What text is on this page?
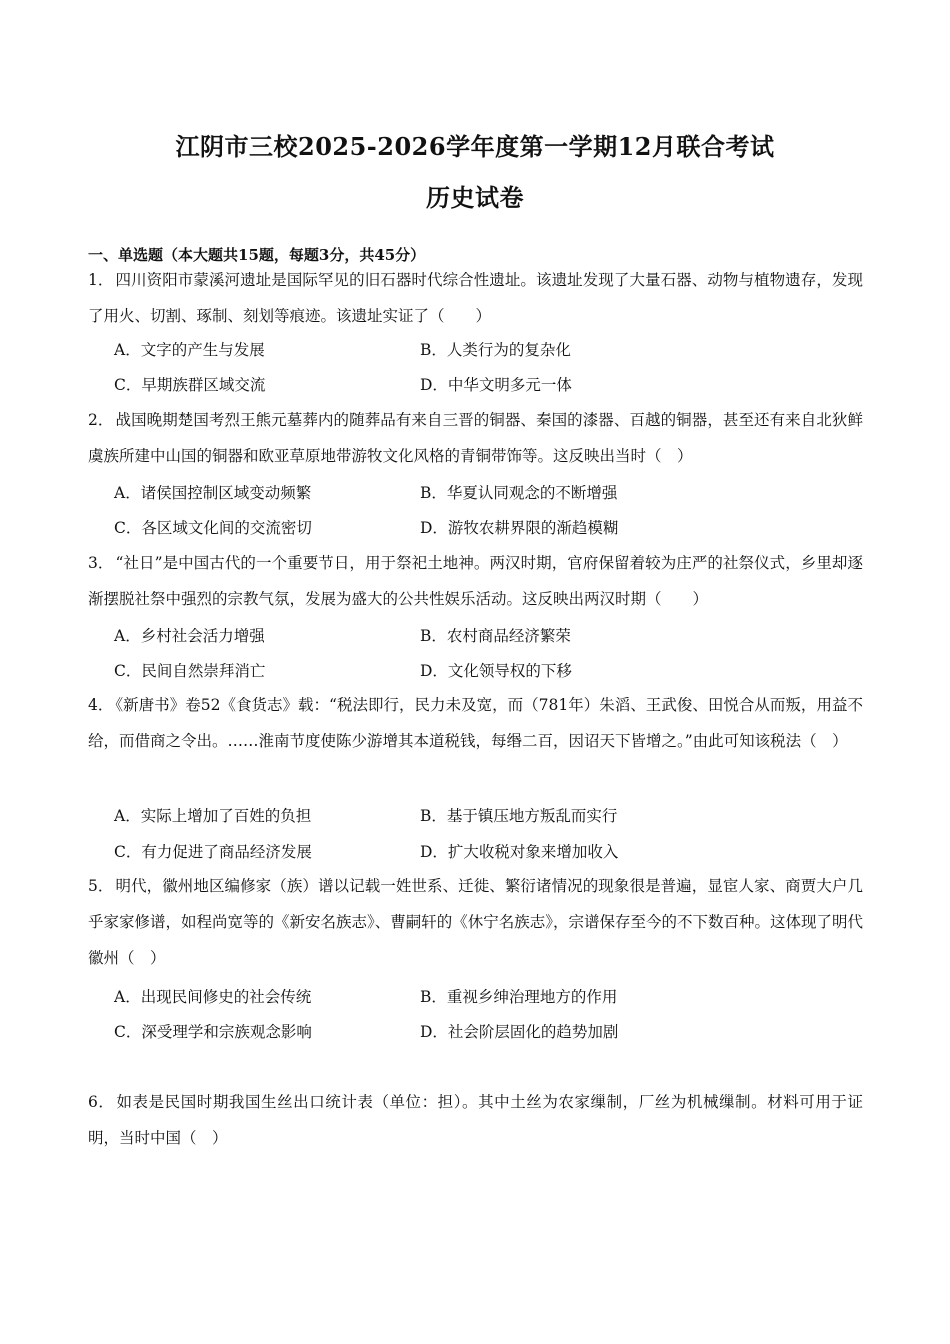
江阴市三校2025-2026学年度第一学期12月联合考试
历史试卷
一、单选题（本大题共15题，每题3分，共45分）
1． 四川资阳市蒙溪河遗址是国际罕见的旧石器时代综合性遗址。该遗址发现了大量石器、动物与植物遗存，发现了用火、切割、琢制、刻划等痕迹。该遗址实证了（　　）
A．文字的产生与发展	B．人类行为的复杂化
C．早期族群区域交流	D．中华文明多元一体
2． 战国晚期楚国考烈王熊元墓葬内的随葬品有来自三晋的铜器、秦国的漆器、百越的铜器，甚至还有来自北狄鲜虞族所建中山国的铜器和欧亚草原地带游牧文化风格的青铜带饰等。这反映出当时（　）
A．诸侯国控制区域变动频繁	B．华夏认同观念的不断增强
C．各区域文化间的交流密切	D．游牧农耕界限的渐趋模糊
3． “社日”是中国古代的一个重要节日，用于祭祀土地神。两汉时期，官府保留着较为庄严的社祭仪式，乡里却逐渐摆脱社祭中强烈的宗教气氛，发展为盛大的公共性娱乐活动。这反映出两汉时期（　　）
A．乡村社会活力增强	B．农村商品经济繁荣
C．民间自然崇拜消亡	D．文化领导权的下移
4． 《新唐书》卷52《食货志》载：“税法即行，民力未及宽，而（781年）朱滔、王武俊、田悦合从而叛，用益不给，而借商之令出。……淮南节度使陈少游增其本道税钱，每缗二百，因诏天下皆增之。”由此可知该税法（　）
A．实际上增加了百姓的负担	B．基于镇压地方叛乱而实行
C．有力促进了商品经济发展	D．扩大收税对象来增加收入
5． 明代，徽州地区编修家（族）谱以记载一姓世系、迁徙、繁衍诸情况的现象很是普遍，显宦人家、商贾大户几乎家家修谱，如程尚宽等的《新安名族志》、曹嗣轩的《休宁名族志》，宗谱保存至今的不下数百种。这体现了明代徽州（　）
A．出现民间修史的社会传统	B．重视乡绅治理地方的作用
C．深受理学和宗族观念影响	D．社会阶层固化的趋势加剧
6． 如表是民国时期我国生丝出口统计表（单位：担）。其中土丝为农家缫制，厂丝为机械缫制。材料可用于证明，当时中国（　）
